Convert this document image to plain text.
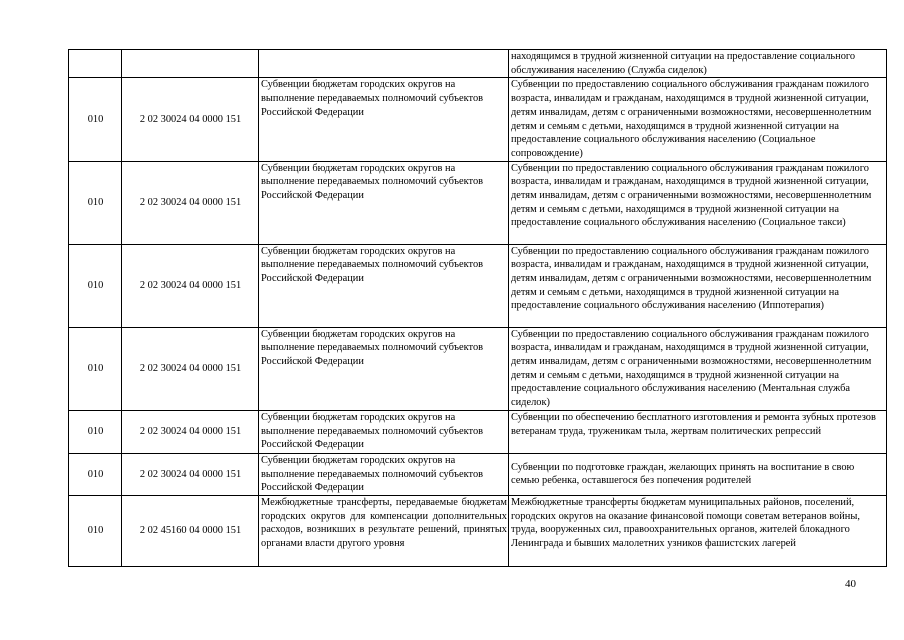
			находящимся в трудной жизненной ситуации на предоставление социального обслуживания населению (Служба сиделок)
010	2 02 30024 04 0000 151	Субвенции бюджетам городских округов на выполнение передаваемых полномочий субъектов Российской Федерации	Субвенции по предоставлению социального обслуживания гражданам пожилого возраста, инвалидам и гражданам, находящимся в трудной жизненной ситуации, детям инвалидам, детям с ограниченными возможностями, несовершеннолетним детям и семьям с детьми, находящимся в трудной жизненной ситуации на предоставление социального обслуживания населению (Социальное сопровождение)
010	2 02 30024 04 0000 151	Субвенции бюджетам городских округов на выполнение передаваемых полномочий субъектов Российской Федерации	Субвенции по предоставлению социального обслуживания гражданам пожилого возраста, инвалидам и гражданам, находящимся в трудной жизненной ситуации, детям инвалидам, детям с ограниченными возможностями, несовершеннолетним детям и семьям с детьми, находящимся в трудной жизненной ситуации на предоставление социального обслуживания населению (Социальное такси)
010	2 02 30024 04 0000 151	Субвенции бюджетам городских округов на выполнение передаваемых полномочий субъектов Российской Федерации	Субвенции по предоставлению социального обслуживания гражданам пожилого возраста, инвалидам и гражданам, находящимся в трудной жизненной ситуации, детям инвалидам, детям с ограниченными возможностями, несовершеннолетним детям и семьям с детьми, находящимся в трудной жизненной ситуации на предоставление социального обслуживания населению (Иппотерапия)
010	2 02 30024 04 0000 151	Субвенции бюджетам городских округов на выполнение передаваемых полномочий субъектов Российской Федерации	Субвенции по предоставлению социального обслуживания гражданам пожилого возраста, инвалидам и гражданам, находящимся в трудной жизненной ситуации, детям инвалидам, детям с ограниченными возможностями, несовершеннолетним детям и семьям с детьми, находящимся в трудной жизненной ситуации на предоставление социального обслуживания населению (Ментальная служба сиделок)
010	2 02 30024 04 0000 151	Субвенции бюджетам городских округов на выполнение передаваемых полномочий субъектов Российской Федерации	Субвенции по обеспечению бесплатного изготовления и ремонта зубных протезов ветеранам труда, труженикам тыла, жертвам политических репрессий
010	2 02 30024 04 0000 151	Субвенции бюджетам городских округов на выполнение передаваемых полномочий субъектов Российской Федерации	Субвенции по подготовке граждан, желающих принять на воспитание в свою семью ребенка, оставшегося без попечения родителей
010	2 02 45160 04 0000 151	Межбюджетные трансферты, передаваемые бюджетам городских округов для компенсации дополнительных расходов, возникших в результате решений, принятых органами власти другого уровня	Межбюджетные трансферты бюджетам муниципальных районов, поселений, городских округов на оказание финансовой помощи советам ветеранов войны, труда, вооруженных сил, правоохранительных органов, жителей блокадного Ленинграда и бывших малолетних узников фашистских лагерей
40
